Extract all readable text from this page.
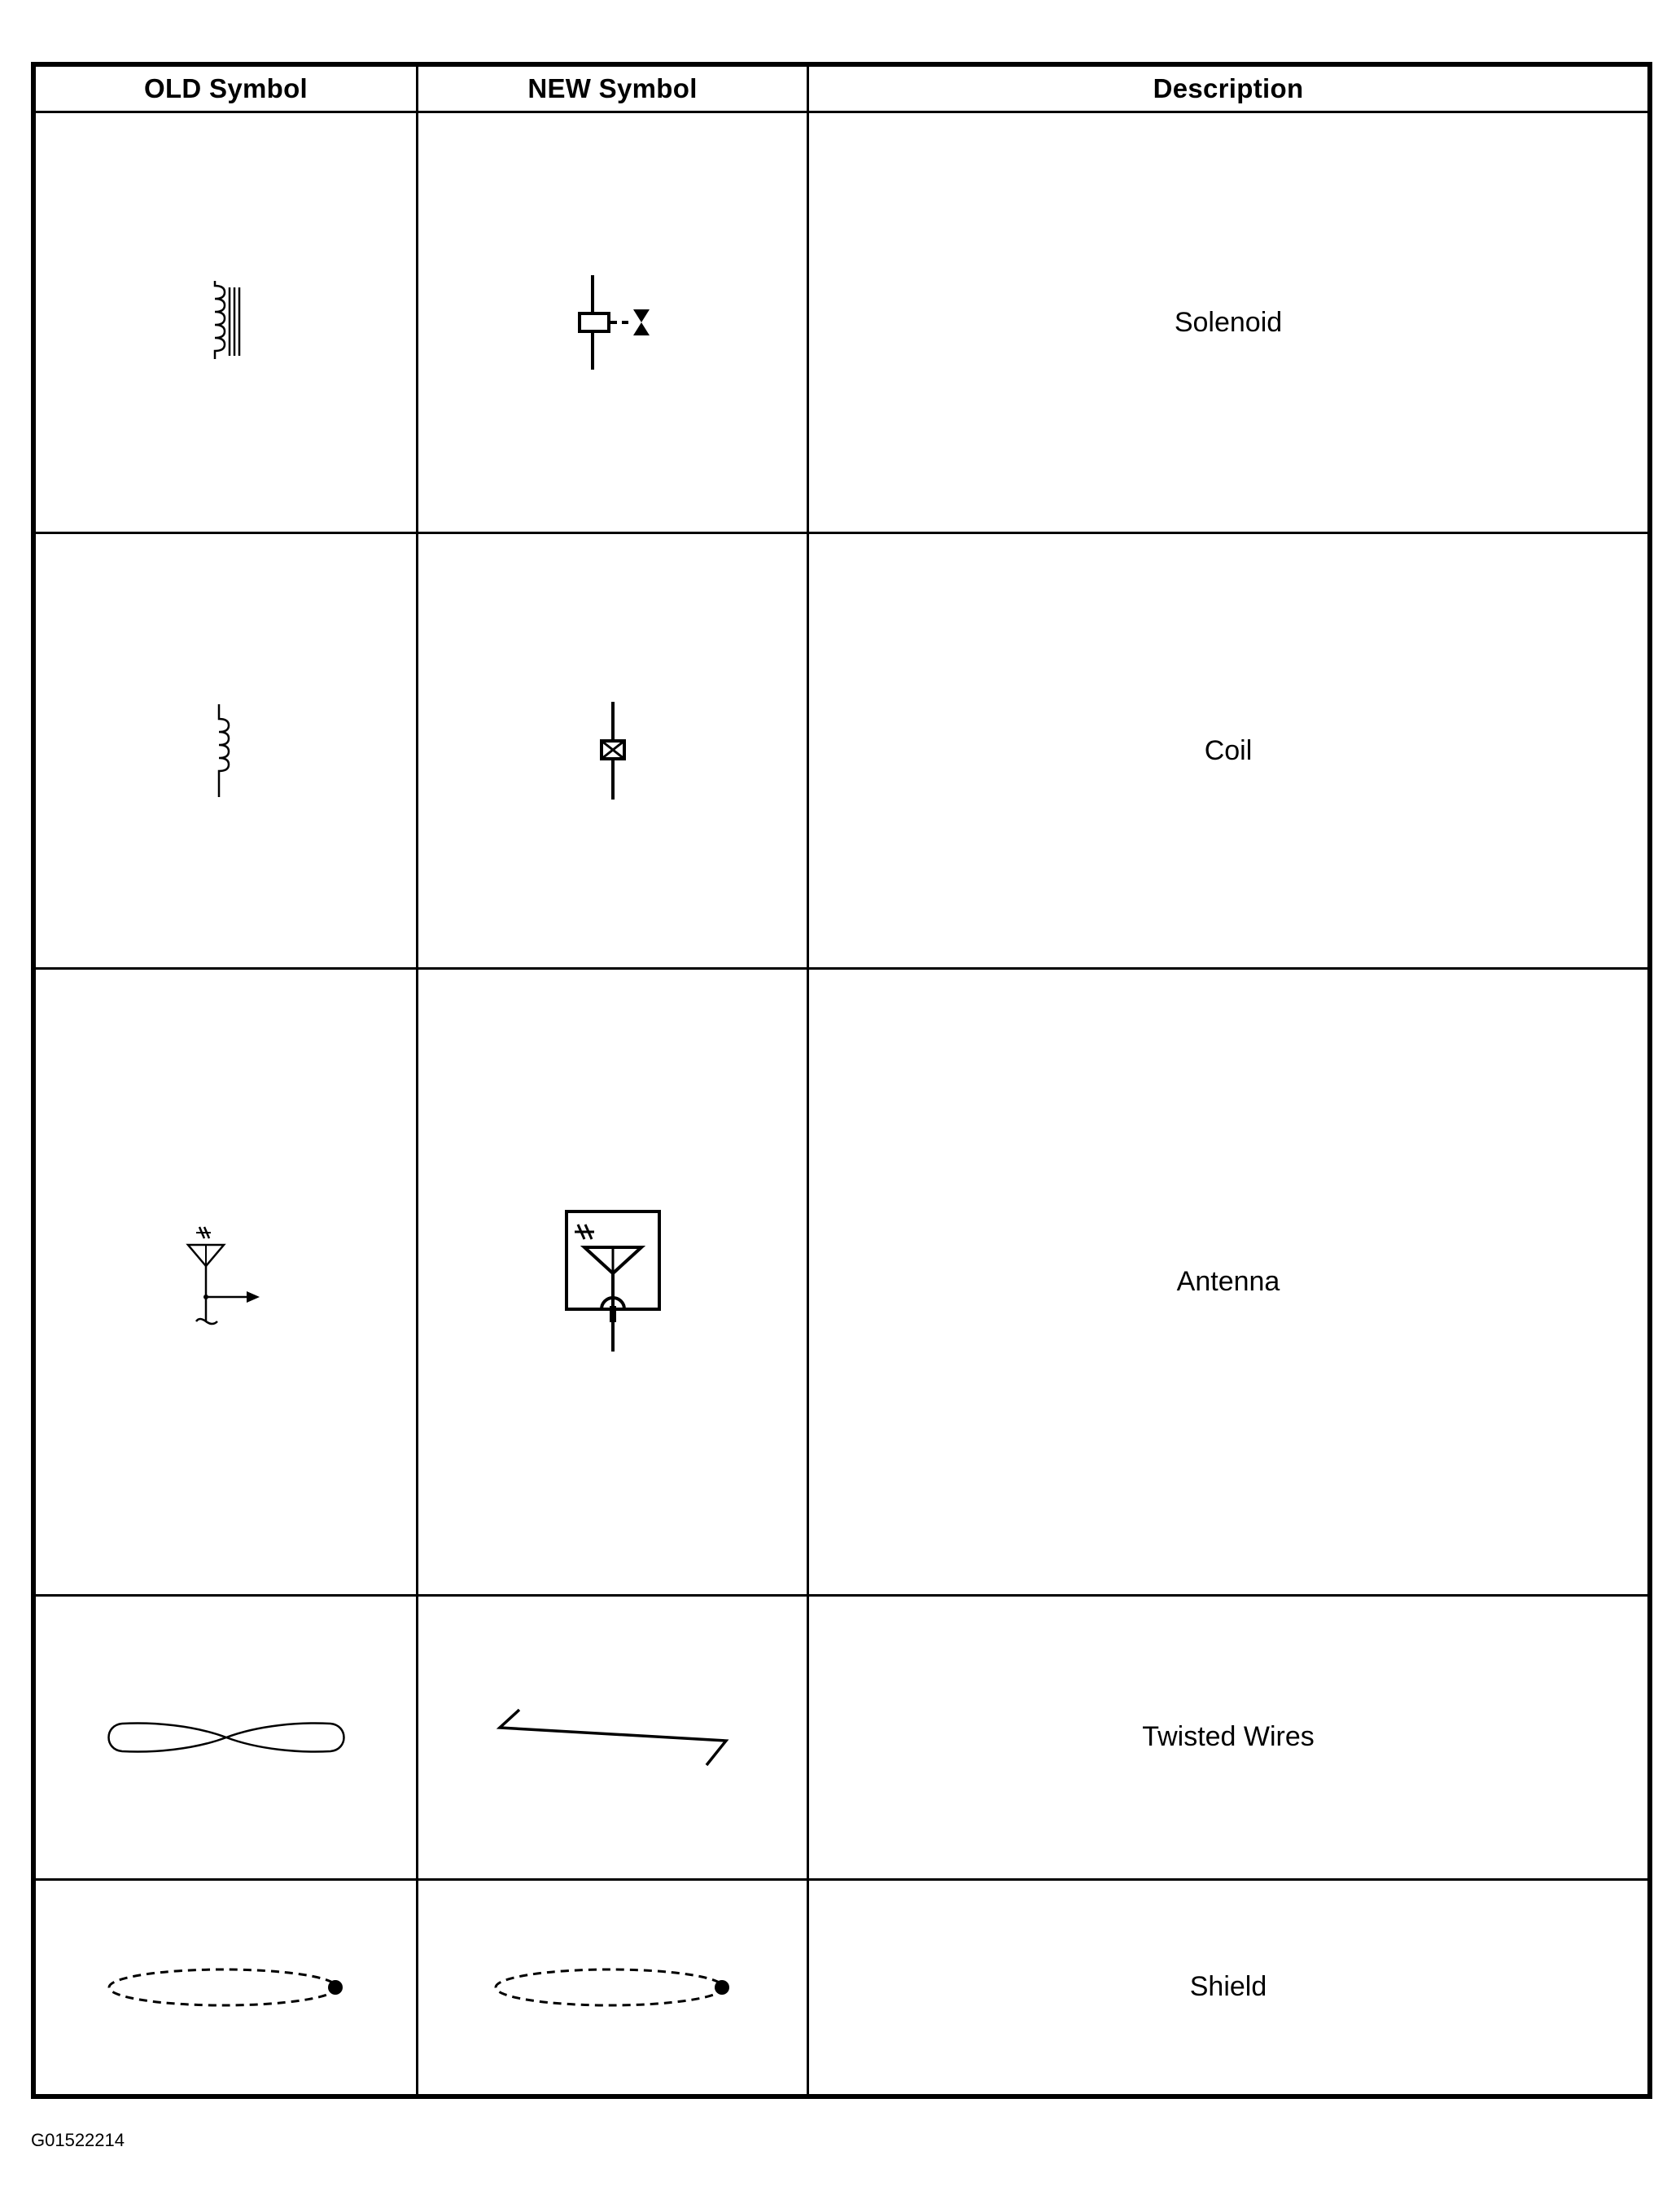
OLD Symbol	NEW Symbol	Description

	Solenoid

	Coil

	Antenna

	Twisted Wires

	Shield
G01522214
